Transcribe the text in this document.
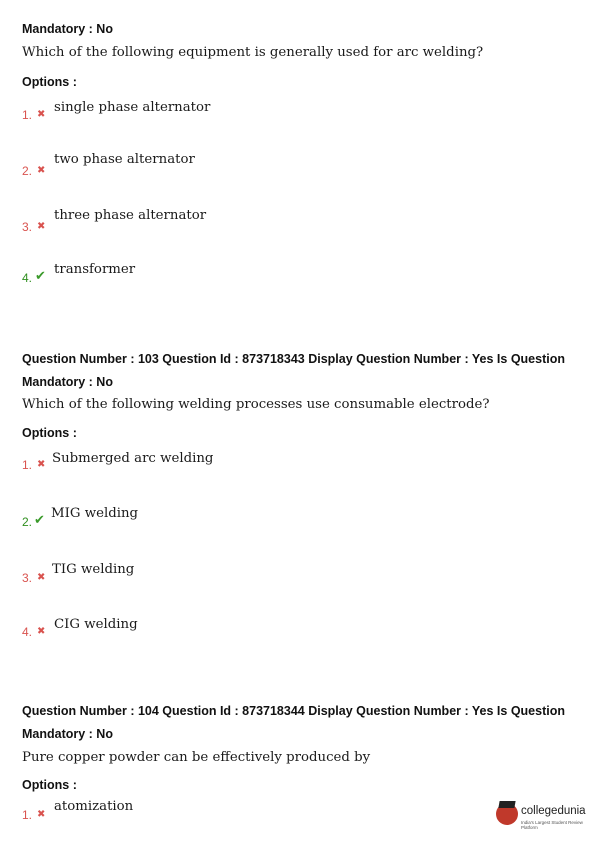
Mandatory : No
Which of the following equipment is generally used for arc welding?
Options :
1. ✖ single phase alternator
2. ✖
two phase alternator
3. ✖
three phase alternator
4. ✔ transformer
Question Number : 103 Question Id : 873718343 Display Question Number : Yes Is Question
Mandatory : No
Which of the following welding processes use consumable electrode?
Options :
1. ✖ Submerged arc welding
2. ✔ MIG welding
3. ✖
TIG welding
4. ✖ CIG welding
Question Number : 104 Question Id : 873718344 Display Question Number : Yes Is Question
Mandatory : No
Pure copper powder can be effectively produced by
Options :
1. ✖
atomization	collegedunia
India's Largest Student Review Platform
